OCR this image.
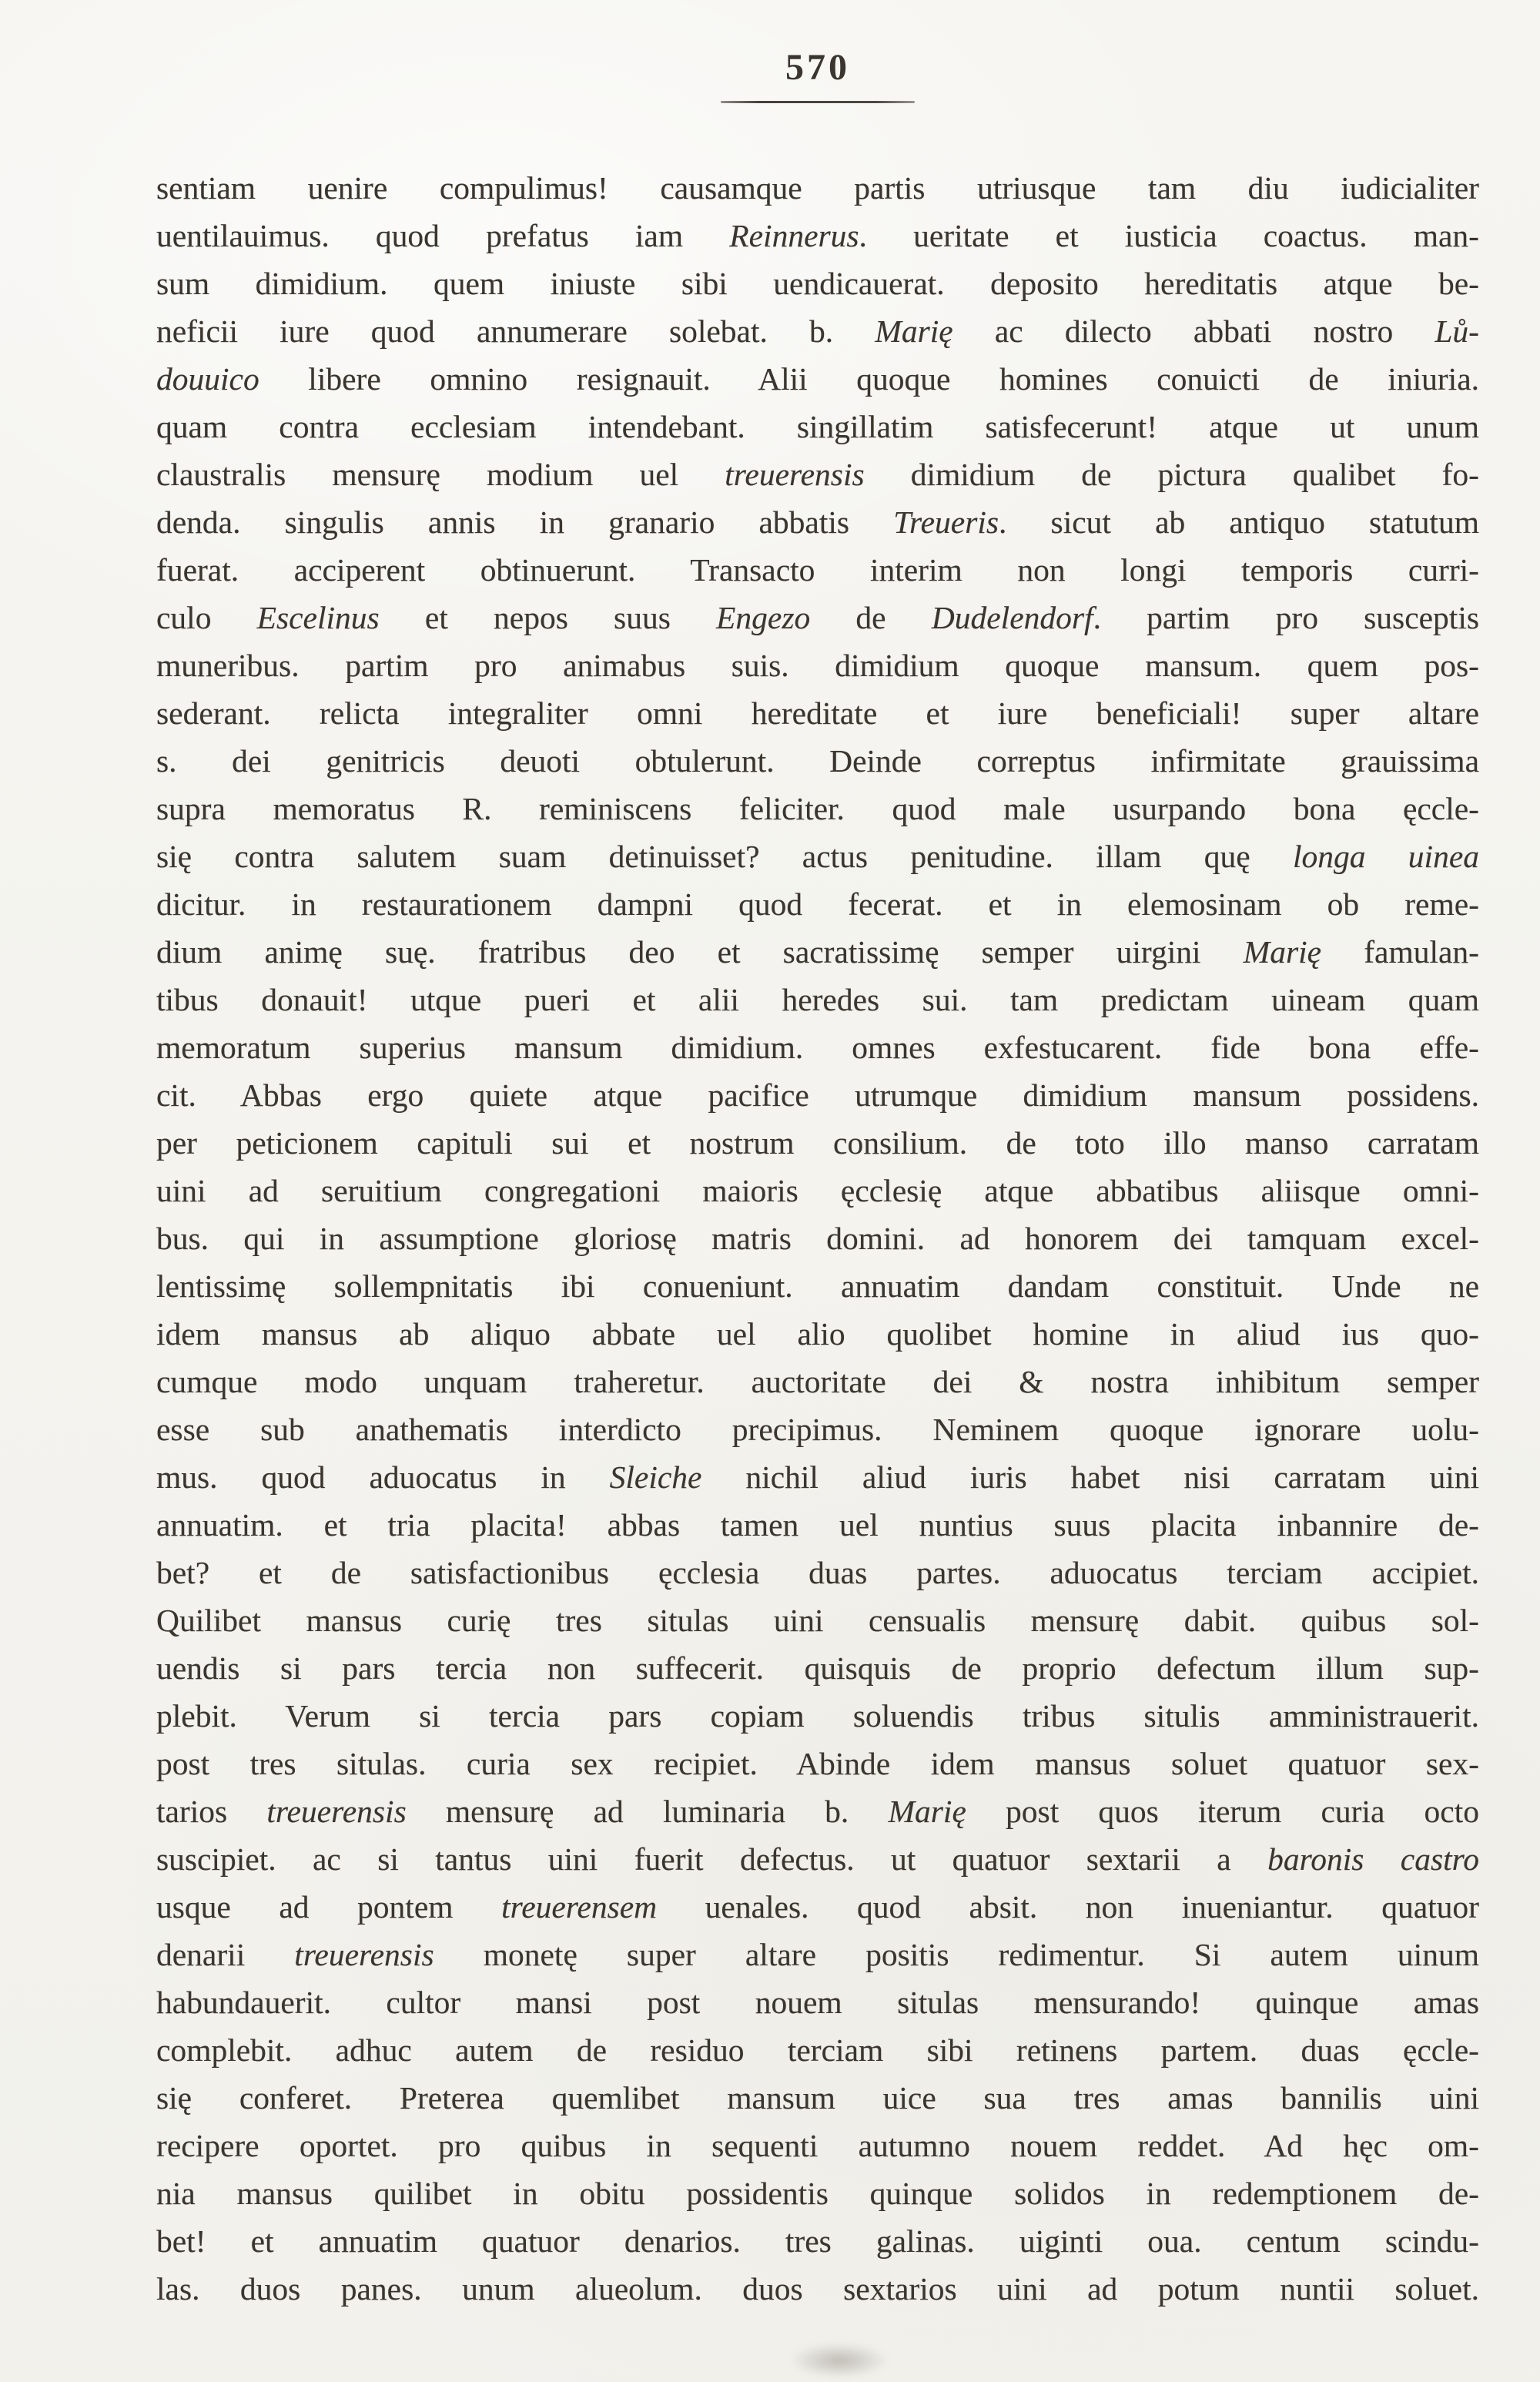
570
sentiam uenire compulimus! causamque partis utriusque tam diu iudicialiter
uentilauimus. quod prefatus iam Reinnerus. ueritate et iusticia coactus. man-
sum dimidium. quem iniuste sibi uendicauerat. deposito hereditatis atque be-
neficii iure quod annumerare solebat. b. Marię ac dilecto abbati nostro Lů-
douuico libere omnino resignauit. Alii quoque homines conuicti de iniuria.
quam contra ecclesiam intendebant. singillatim satisfecerunt! atque ut unum
claustralis mensurę modium uel treuerensis dimidium de pictura qualibet fo-
denda. singulis annis in granario abbatis Treueris. sicut ab antiquo statutum
fuerat. acciperent obtinuerunt. Transacto interim non longi temporis curri-
culo Escelinus et nepos suus Engezo de Dudelendorf. partim pro susceptis
muneribus. partim pro animabus suis. dimidium quoque mansum. quem pos-
sederant. relicta integraliter omni hereditate et iure beneficiali! super altare
s. dei genitricis deuoti obtulerunt. Deinde correptus infirmitate grauissima
supra memoratus R. reminiscens feliciter. quod male usurpando bona ęccle-
się contra salutem suam detinuisset? actus penitudine. illam quę longa uinea
dicitur. in restaurationem dampni quod fecerat. et in elemosinam ob reme-
dium animę suę. fratribus deo et sacratissimę semper uirgini Marię famulan-
tibus donauit! utque pueri et alii heredes sui. tam predictam uineam quam
memoratum superius mansum dimidium. omnes exfestucarent. fide bona effe-
cit. Abbas ergo quiete atque pacifice utrumque dimidium mansum possidens.
per peticionem capituli sui et nostrum consilium. de toto illo manso carratam
uini ad seruitium congregationi maioris ęcclesię atque abbatibus aliisque omni-
bus. qui in assumptione gloriosę matris domini. ad honorem dei tamquam excel-
lentissimę sollempnitatis ibi conueniunt. annuatim dandam constituit. Unde ne
idem mansus ab aliquo abbate uel alio quolibet homine in aliud ius quo-
cumque modo unquam traheretur. auctoritate dei & nostra inhibitum semper
esse sub anathematis interdicto precipimus. Neminem quoque ignorare uolu-
mus. quod aduocatus in Sleiche nichil aliud iuris habet nisi carratam uini
annuatim. et tria placita! abbas tamen uel nuntius suus placita inbannire de-
bet? et de satisfactionibus ęcclesia duas partes. aduocatus terciam accipiet.
Quilibet mansus curię tres situlas uini censualis mensurę dabit. quibus sol-
uendis si pars tercia non suffecerit. quisquis de proprio defectum illum sup-
plebit. Verum si tercia pars copiam soluendis tribus situlis amministrauerit.
post tres situlas. curia sex recipiet. Abinde idem mansus soluet quatuor sex-
tarios treuerensis mensurę ad luminaria b. Marię post quos iterum curia octo
suscipiet. ac si tantus uini fuerit defectus. ut quatuor sextarii a baronis castro
usque ad pontem treuerensem uenales. quod absit. non inueniantur. quatuor
denarii treuerensis monetę super altare positis redimentur. Si autem uinum
habundauerit. cultor mansi post nouem situlas mensurando! quinque amas
complebit. adhuc autem de residuo terciam sibi retinens partem. duas ęccle-
się conferet. Preterea quemlibet mansum uice sua tres amas bannilis uini
recipere oportet. pro quibus in sequenti autumno nouem reddet. Ad hęc om-
nia mansus quilibet in obitu possidentis quinque solidos in redemptionem de-
bet! et annuatim quatuor denarios. tres galinas. uiginti oua. centum scindu-
las. duos panes. unum alueolum. duos sextarios uini ad potum nuntii soluet.
